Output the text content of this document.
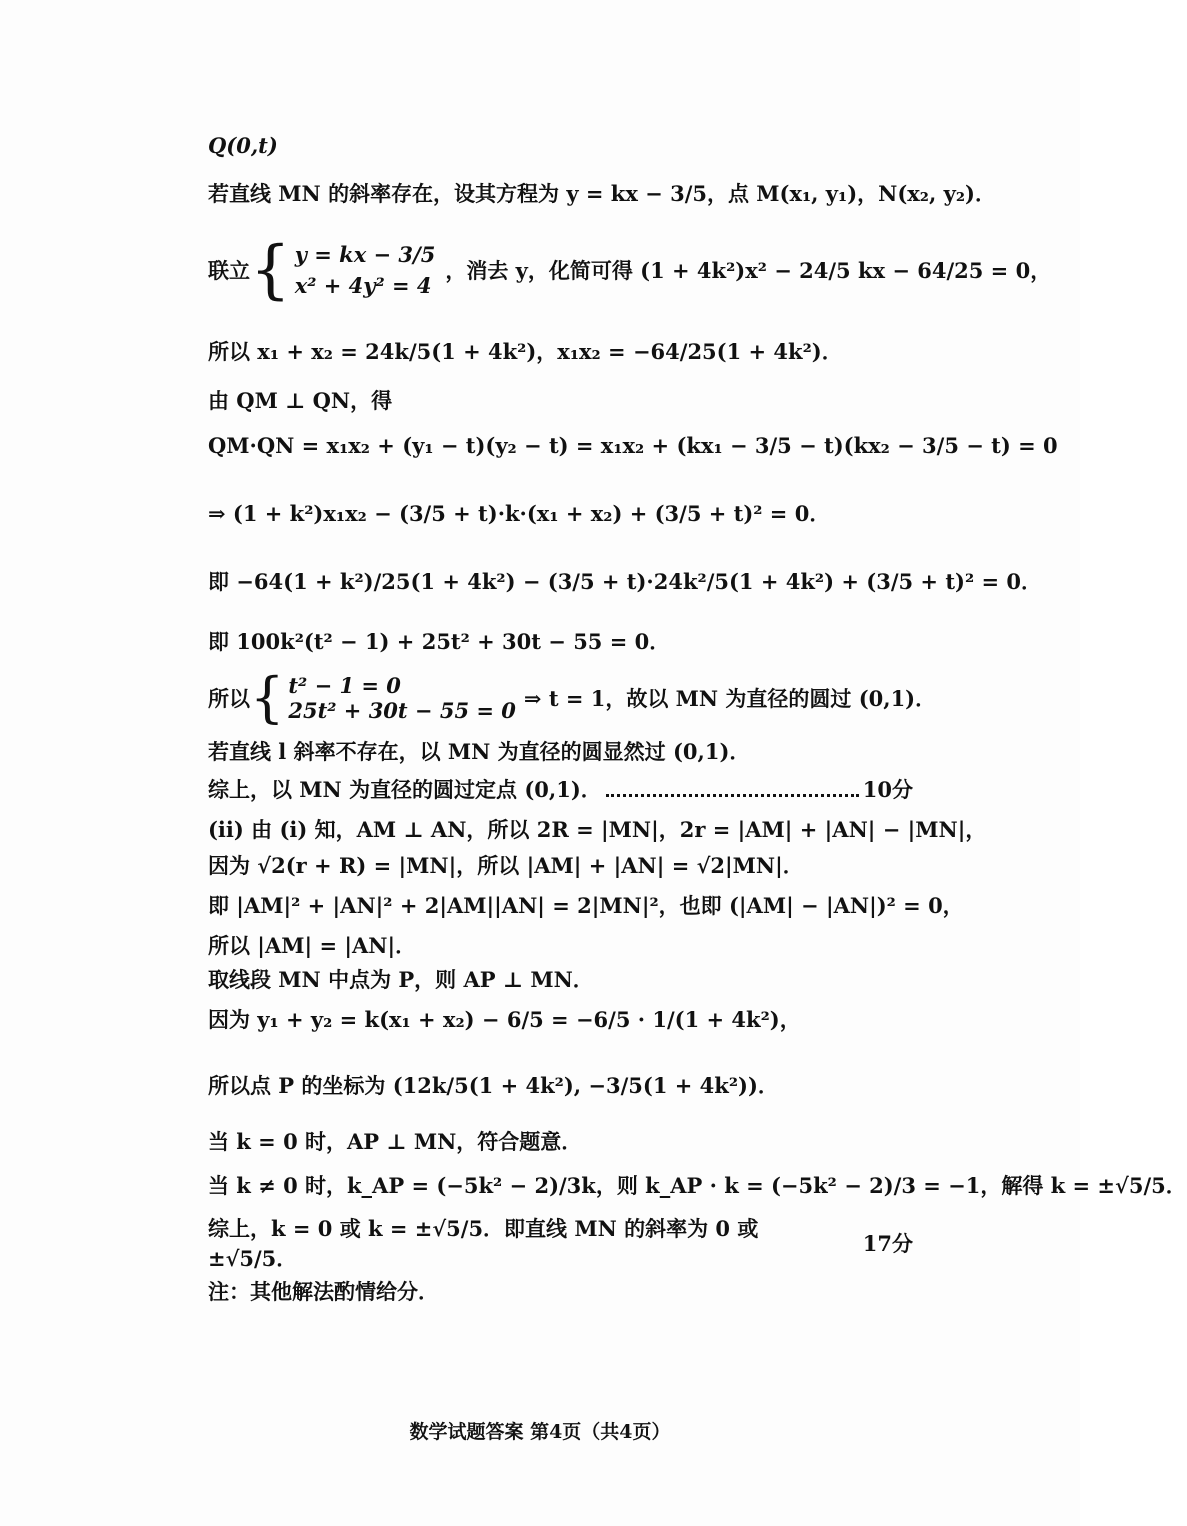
Q(0,t)
若直线 MN 的斜率存在，设其方程为 y = kx − 3/5，点 M(x₁, y₁)，N(x₂, y₂)．
联立 { y = kx − 3/5
x² + 4y² = 4
，消去 y，化简可得 (1 + 4k²)x² − 24/5 kx − 64/25 = 0，
所以 x₁ + x₂ = 24k/5(1 + 4k²)，x₁x₂ = −64/25(1 + 4k²)．
由 QM ⊥ QN，得
QM·QN = x₁x₂ + (y₁ − t)(y₂ − t) = x₁x₂ + (kx₁ − 3/5 − t)(kx₂ − 3/5 − t) = 0
⇒ (1 + k²)x₁x₂ − (3/5 + t)·k·(x₁ + x₂) + (3/5 + t)² = 0．
即 −64(1 + k²)/25(1 + 4k²) − (3/5 + t)·24k²/5(1 + 4k²) + (3/5 + t)² = 0．
即 100k²(t² − 1) + 25t² + 30t − 55 = 0．
所以 { t² − 1 = 0
25t² + 30t − 55 = 0 ⇒ t = 1，故以 MN 为直径的圆过 (0,1)．
若直线 l 斜率不存在，以 MN 为直径的圆显然过 (0,1)．
综上，以 MN 为直径的圆过定点 (0,1)．	10分
(ii) 由 (i) 知，AM ⊥ AN，所以 2R = |MN|，2r = |AM| + |AN| − |MN|，
因为 √2(r + R) = |MN|，所以 |AM| + |AN| = √2|MN|．
即 |AM|² + |AN|² + 2|AM||AN| = 2|MN|²，也即 (|AM| − |AN|)² = 0，
所以 |AM| = |AN|．
取线段 MN 中点为 P，则 AP ⊥ MN．
因为 y₁ + y₂ = k(x₁ + x₂) − 6/5 = −6/5 · 1/(1 + 4k²)，
所以点 P 的坐标为 (12k/5(1 + 4k²), −3/5(1 + 4k²))．
当 k = 0 时，AP ⊥ MN，符合题意．
当 k ≠ 0 时，k_AP = (−5k² − 2)/3k，则 k_AP · k = (−5k² − 2)/3 = −1，解得 k = ±√5/5．
综上，k = 0 或 k = ±√5/5．即直线 MN 的斜率为 0 或 ±√5/5．
17分
注：其他解法酌情给分．
数学试题答案 第4页（共4页）
